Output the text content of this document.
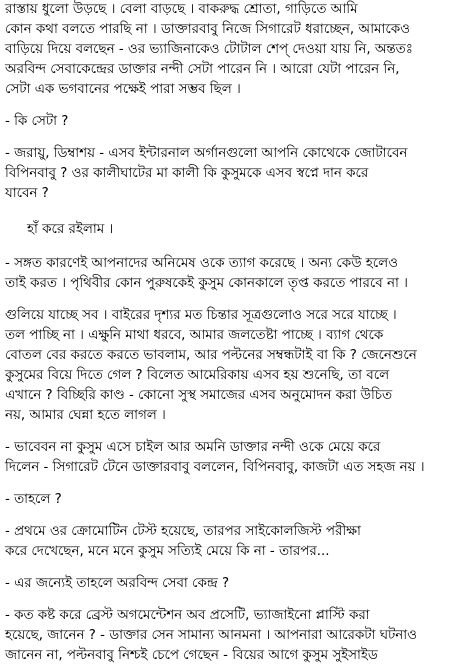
রাস্তায় ধুলো উড়ছে । বেলা বাড়ছে । বাকরুদ্ধ শ্রোতা, গাড়িতে আমি
কোন কথা বলতে পারছি না । ডাক্তারবাবু নিজে সিগারেট ধরাচ্ছেন, আমাকেও
বাড়িয়ে দিয়ে বলছেন - ওর ভ্যাজিনাকেও টোটাল শেপ্ দেওয়া যায় নি, অন্ততঃ
অরবিন্দ সেবাকেন্দ্রের ডাক্তার নন্দী সেটা পারেন নি । আরো যেটা পারেন নি,
সেটা এক ভগবানের পক্ষেই পারা সম্ভব ছিল ।
- কি সেটা ?
- জরায়ু, ডিম্বাশয় - এসব ইন্টারনাল অর্গানগুলো আপনি কোথেকে জোটাবেন
বিপিনবাবু ? ওর কালীঘাটের মা কালী কি কুসুমকে এসব স্বপ্নে দান করে
যাবেন ?
হাঁ করে রইলাম ।
- সঙ্গত কারণেই আপনাদের অনিমেষ ওকে ত্যাগ করেছে । অন্য কেউ হলেও
তাই করত । পৃথিবীর কোন পুরুষকেই কুসুম কোনকালে তৃপ্ত করতে পারবে না ।
গুলিয়ে যাচ্ছে সব । বাইরের দৃশ্যর মত চিন্তার সূত্রগুলোও সরে সরে যাচ্ছে ।
তল পাচ্ছি না । এক্ষুনি মাথা ধরবে, আমার জলতেষ্টা পাচ্ছে । ব্যাগ থেকে
বোতল বের করতে করতে ভাবলাম, আর পল্টনের সম্বন্ধটাই বা কি ? জেনেশুনে
কুসুমের বিয়ে দিতে গেল ? বিলেত আমেরিকায় এসব হয় শুনেছি, তা বলে
এখানে ? বিচ্ছিরি কাণ্ড - কোনো সুস্থ সমাজের এসব অনুমোদন করা উচিত
নয়, আমার ঘেন্না হতে লাগল ।
- ভাবেবন না কুসুম এসে চাইল আর অমনি ডাক্তার নন্দী ওকে মেয়ে করে
দিলেন - সিগারেট টেনে ডাক্তারবাবু বললেন, বিপিনবাবু, কাজটা এত সহজ নয় ।
- তাহলে ?
- প্রথমে ওর ক্রোমোটিন টেস্ট হয়েছে, তারপর সাইকোলজিস্ট পরীক্ষা
করে দেখেছেন, মনে মনে কুসুম সত্যিই মেয়ে কি না - তারপর...
- এর জন্যেই তাহলে অরবিন্দ সেবা কেন্দ্র ?
- কত কষ্ট করে ব্রেস্ট অগমেন্টেশন অব প্রসেটি, ভ্যাজাইনো প্লাস্টি করা
হয়েছে, জানেন ? - ডাক্তার সেন সামান্য আনমনা । আপনারা আরেকটা ঘটনাও
জানেন না, পল্টনবাবু নিশ্চই চেপে গেছেন - বিয়ের আগে কুসুম সুইসাইড
